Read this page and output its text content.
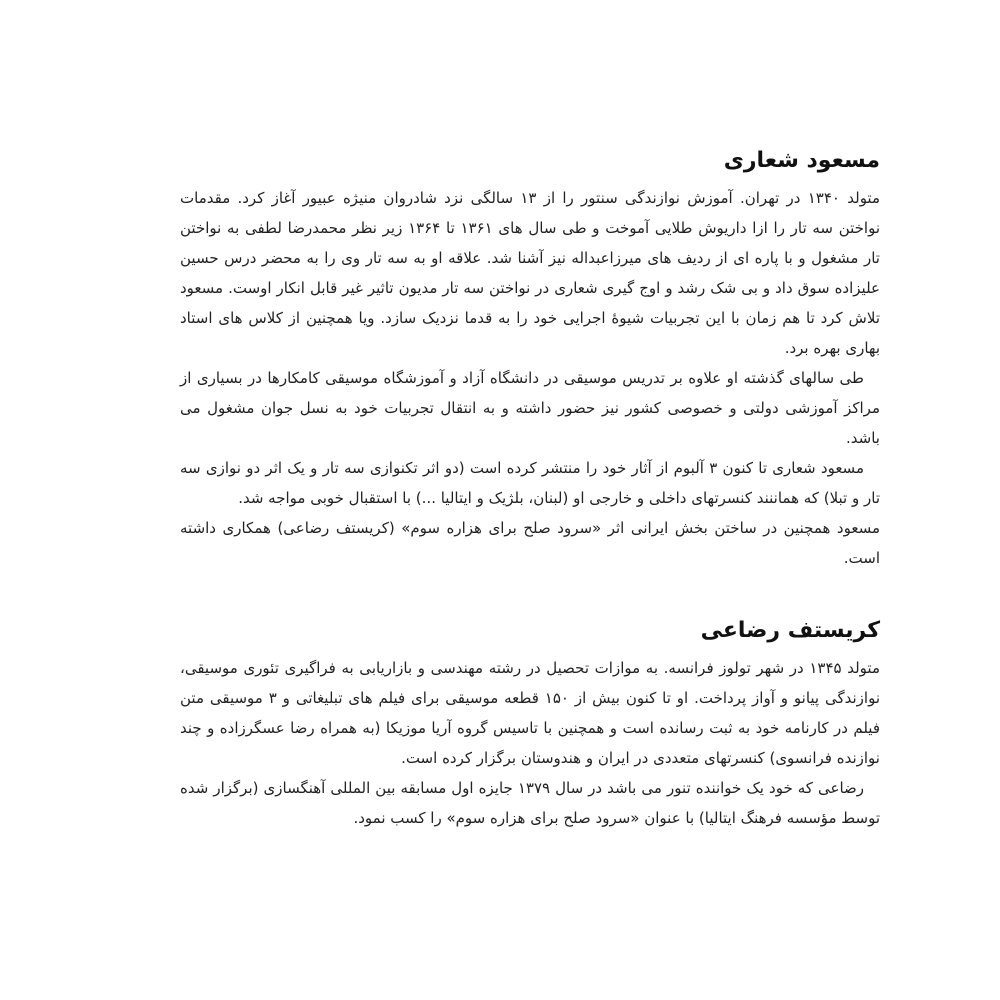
مسعود شعاری

متولد ۱۳۴۰ در تهران. آموزش نوازندگی سنتور را از ۱۳ سالگی نزد شادروان منیژه عبیور آغاز کرد. مقدمات نواختن سه تار را ازا داریوش طلایی آموخت و طی سال های ۱۳۶۱ تا ۱۳۶۴ زیر نظر محمدرضا لطفی به نواختن تار مشغول و با پاره ای از ردیف های میرزاعبداله نیز آشنا شد. علاقه او به سه تار وی را به محضر درس حسین علیزاده سوق داد و بی شک رشد و اوج گیری شعاری در نواختن سه تار مدیون تاثیر غیر قابل انکار اوست. مسعود تلاش کرد تا هم زمان با این تجربیات شیوهٔ اجرایی خود را به قدما نزدیک سازد. ویا همچنین از کلاس های استاد بهاری بهره برد.

طی سالهای گذشته او علاوه بر تدریس موسیقی در دانشگاه آزاد و آموزشگاه موسیقی کامکارها در بسیاری از مراکز آموزشی دولتی و خصوصی کشور نیز حضور داشته و به انتقال تجربیات خود به نسل جوان مشغول می باشد.

مسعود شعاری تا کنون ۳ آلبوم از آثار خود را منتشر کرده است (دو اثر تکنوازی سه تار و یک اثر دو نوازی سه تار و تبلا) که هماننند کنسرتهای داخلی و خارجی او (لبنان، بلژیک و ایتالیا ...) با استقبال خوبی مواجه شد.

مسعود همچنین در ساختن بخش ایرانی اثر «سرود صلح برای هزاره سوم» (کریستف رضاعی) همکاری داشته است.

کریستف رضاعی

متولد ۱۳۴۵ در شهر تولوز فرانسه. به موازات تحصیل در رشته مهندسی و بازاریابی به فراگیری تئوری موسیقی، نوازندگی پیانو و آواز پرداخت. او تا کنون بیش از ۱۵۰ قطعه موسیقی برای فیلم های تبلیغاتی و ۳ موسیقی متن فیلم در کارنامه خود به ثبت رسانده است و همچنین با تاسیس گروه آریا موزیکا (به همراه رضا عسگرزاده و چند نوازنده فرانسوی) کنسرتهای متعددی در ایران و هندوستان برگزار کرده است.

رضاعی که خود یک خواننده تنور می باشد در سال ۱۳۷۹ جایزه اول مسابقه بین المللی آهنگسازی (برگزار شده توسط مؤسسه فرهنگ ایتالیا) با عنوان «سرود صلح برای هزاره سوم» را کسب نمود.
